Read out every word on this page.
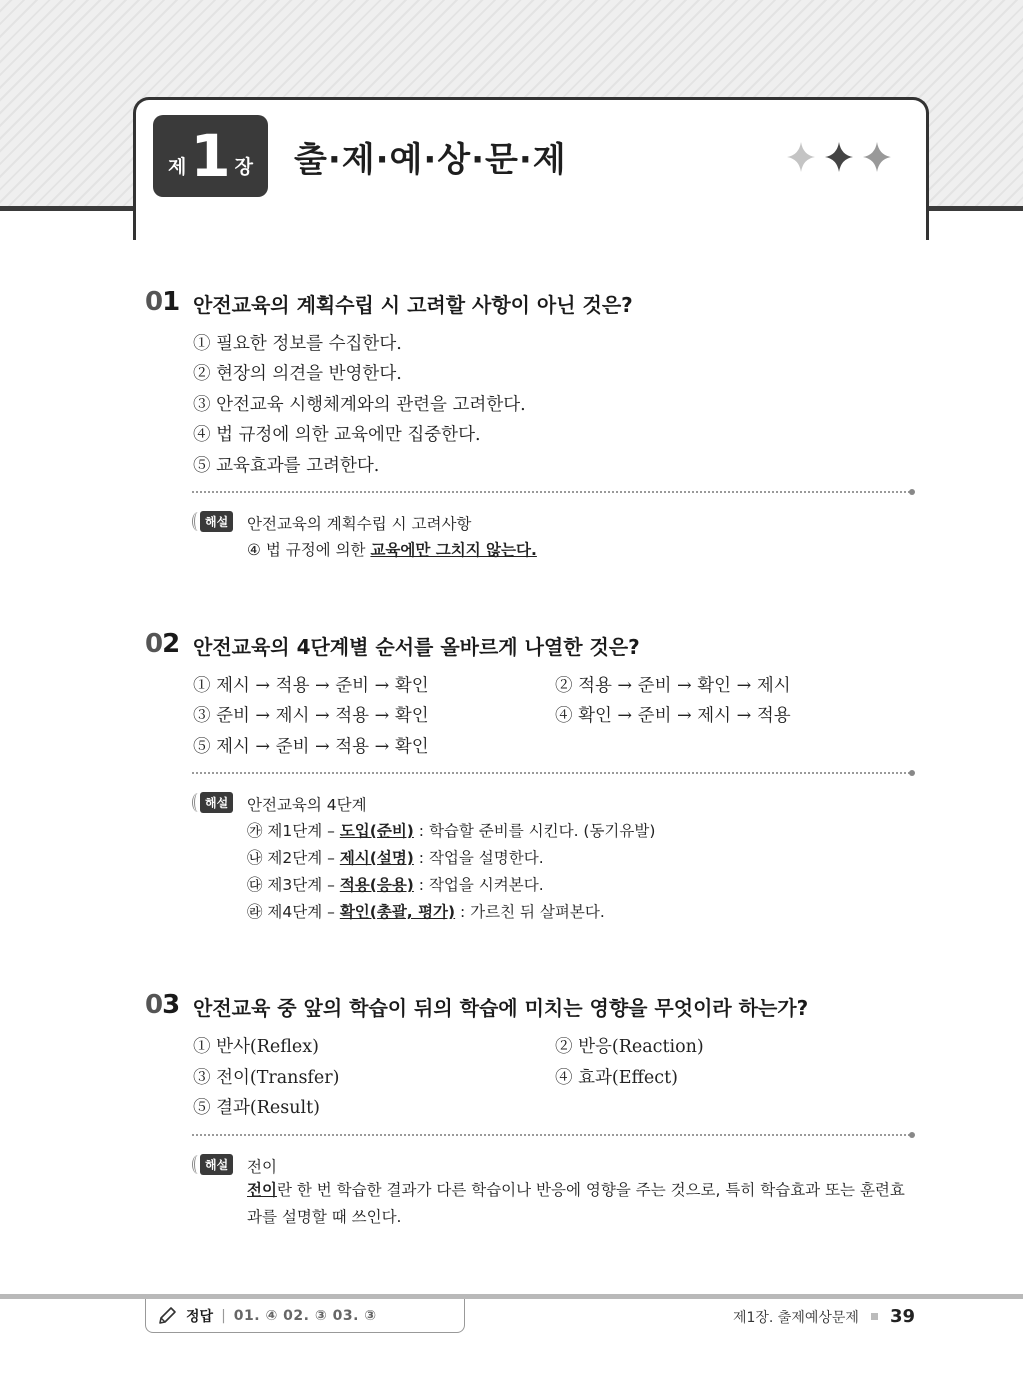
제 1 장 출·제·예·상·문·제
01 안전교육의 계획수립 시 고려할 사항이 아닌 것은?
① 필요한 정보를 수집한다.
② 현장의 의견을 반영한다.
③ 안전교육 시행체계와의 관련을 고려한다.
④ 법 규정에 의한 교육에만 집중한다.
⑤ 교육효과를 고려한다.
해설	안전교육의 계획수립 시 고려사항
④ 법 규정에 의한 교육에만 그치지 않는다.
02 안전교육의 4단계별 순서를 올바르게 나열한 것은?
① 제시 → 적용 → 준비 → 확인	② 적용 → 준비 → 확인 → 제시
③ 준비 → 제시 → 적용 → 확인	④ 확인 → 준비 → 제시 → 적용
⑤ 제시 → 준비 → 적용 → 확인
해설	안전교육의 4단계
㉮ 제1단계 – 도입(준비) : 학습할 준비를 시킨다. (동기유발)
㉯ 제2단계 – 제시(설명) : 작업을 설명한다.
㉰ 제3단계 – 적용(응용) : 작업을 시켜본다.
㉱ 제4단계 – 확인(총괄, 평가) : 가르친 뒤 살펴본다.
03 안전교육 중 앞의 학습이 뒤의 학습에 미치는 영향을 무엇이라 하는가?
① 반사(Reflex)	② 반응(Reaction)
③ 전이(Transfer)	④ 효과(Effect)
⑤ 결과(Result)
해설	전이
전이란 한 번 학습한 결과가 다른 학습이나 반응에 영향을 주는 것으로, 특히 학습효과 또는 훈련효과를 설명할 때 쓰인다.
정답 | 01. ④ 02. ③ 03. ③	제1장. 출제예상문제 39
